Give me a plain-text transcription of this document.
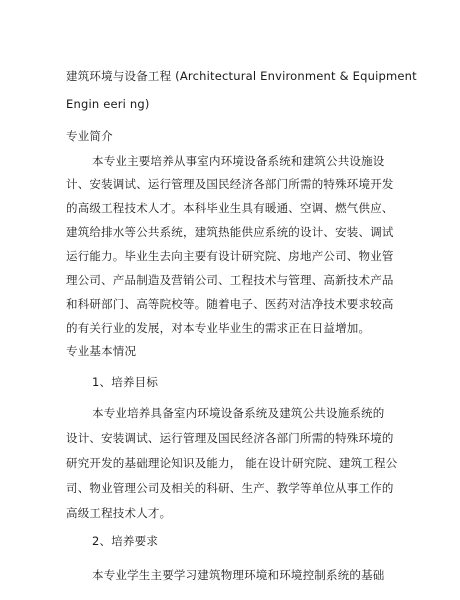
建筑环境与设备工程 (Architectural Environment & Equipment

Engin eeri ng)

专业简介

本专业主要培养从事室内环境设备系统和建筑公共设施设

计、安装调试、运行管理及国民经济各部门所需的特殊环境开发

的高级工程技术人才。本科毕业生具有暖通、空调、燃气供应、

建筑给排水等公共系统，建筑热能供应系统的设计、安装、调试

运行能力。毕业生去向主要有设计研究院、房地产公司、物业管

理公司、产品制造及营销公司、工程技术与管理、高新技术产品

和科研部门、高等院校等。随着电子、医药对洁净技术要求较高

的有关行业的发展，对本专业毕业生的需求正在日益增加。

专业基本情况

1、培养目标

本专业培养具备室内环境设备系统及建筑公共设施系统的

设计、安装调试、运行管理及国民经济各部门所需的特殊环境的

研究开发的基础理论知识及能力， 能在设计研究院、建筑工程公

司、物业管理公司及相关的科研、生产、教学等单位从事工作的

高级工程技术人才。

2、培养要求

本专业学生主要学习建筑物理环境和环境控制系统的基础
